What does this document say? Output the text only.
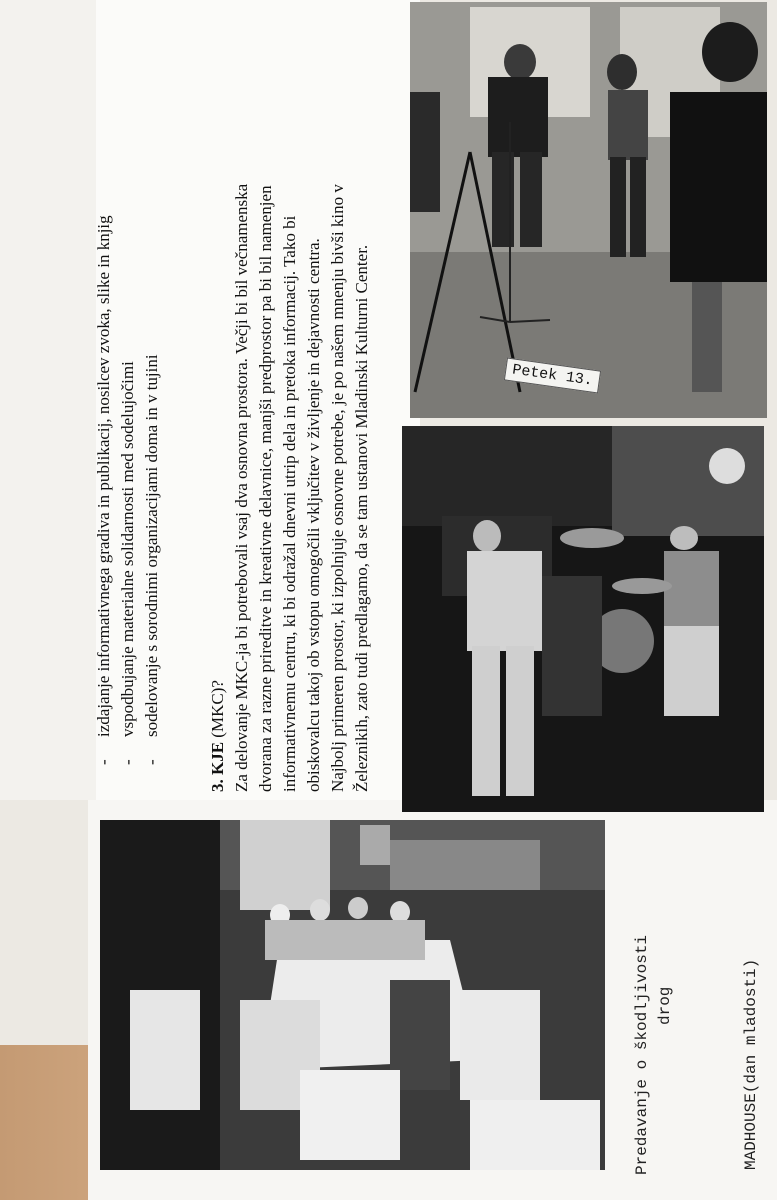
-izdajanje informativnega gradiva in publikacij, nosilcev zvoka, slike in knjig
-vspodbujanje materialne solidarnosti med sodelujočimi
-sodelovanje s sorodnimi organizacijami doma in v tujini
3. KJE (MKC)? Za delovanje MKC-ja bi potrebovali vsaj dva osnovna prostora. Večji bi bil večnamenska dvorana za razne prireditve in kreativne delavnice, manjši predprostor pa bi bil namenjen informativnemu centru, ki bi odražal dnevni utrip dela in pretoka informacij. Tako bi obiskovalcu takoj ob vstopu omogočili vključitev v življenje in dejavnosti centra. Najbolj primeren prostor, ki izpolnjuje osnovne potrebe, je po našem mnenju bivši kino v Železnikih, zato tudi predlagamo, da se tam ustanovi Mladinski Kulturni Center.	Petek 13.
Predavanje o škodljivosti drog	MADHOUSE(dan mladosti)
